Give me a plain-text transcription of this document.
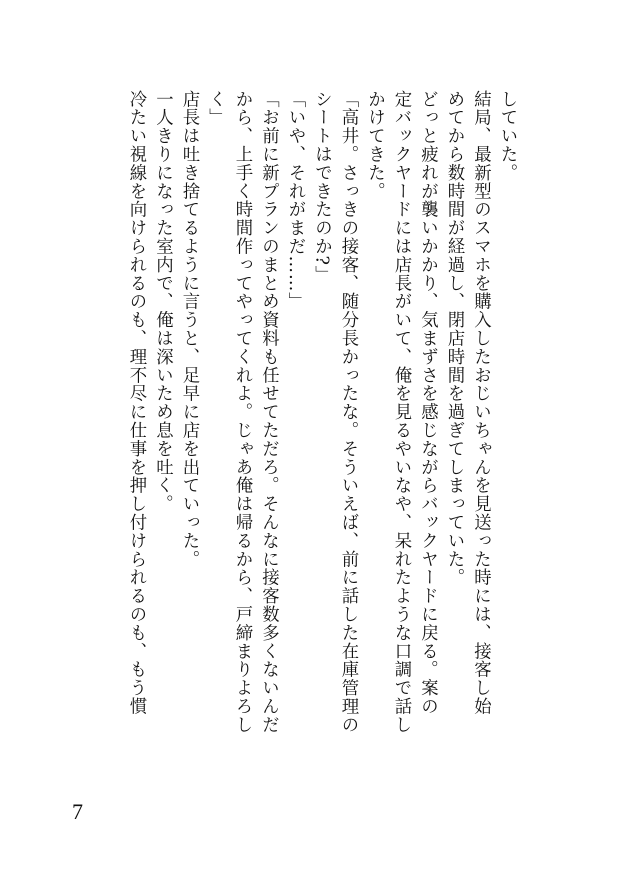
していた。
結局、最新型のスマホを購入したおじいちゃんを見送った時には、接客し始
めてから数時間が経過し、閉店時間を過ぎてしまっていた。
どっと疲れが襲いかかり、気まずさを感じながらバックヤードに戻る。案の
定バックヤードには店長がいて、俺を見るやいなや、呆れたような口調で話し
かけてきた。
「高井。さっきの接客、随分長かったな。そういえば、前に話した在庫管理の
シートはできたのか?」
「いや、それがまだ……」
「お前に新プランのまとめ資料も任せてただろ。そんなに接客数多くないんだ
から、上手く時間作ってやってくれよ。じゃあ俺は帰るから、戸締まりよろし
く」
店長は吐き捨てるように言うと、足早に店を出ていった。
一人きりになった室内で、俺は深いため息を吐く。
冷たい視線を向けられるのも、理不尽に仕事を押し付けられるのも、もう慣
7
